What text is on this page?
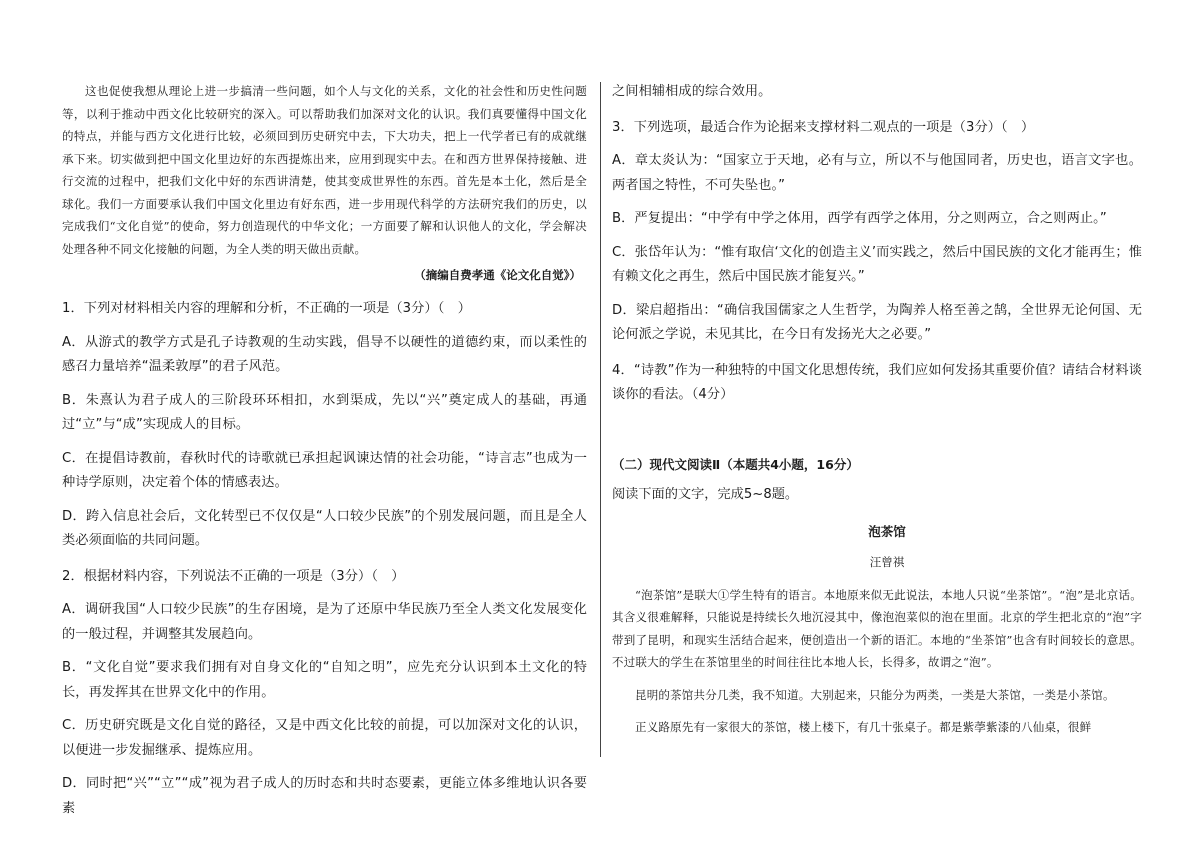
这也促使我想从理论上进一步搞清一些问题，如个人与文化的关系，文化的社会性和历史性问题等，以利于推动中西文化比较研究的深入。可以帮助我们加深对文化的认识。我们真要懂得中国文化的特点，并能与西方文化进行比较，必须回到历史研究中去，下大功夫，把上一代学者已有的成就继承下来。切实做到把中国文化里边好的东西提炼出来，应用到现实中去。在和西方世界保持接触、进行交流的过程中，把我们文化中好的东西讲清楚，使其变成世界性的东西。首先是本土化，然后是全球化。我们一方面要承认我们中国文化里边有好东西，进一步用现代科学的方法研究我们的历史，以完成我们“文化自觉”的使命，努力创造现代的中华文化；一方面要了解和认识他人的文化，学会解决处理各种不同文化接触的问题，为全人类的明天做出贡献。

（摘编自费孝通《论文化自觉》）

1．下列对材料相关内容的理解和分析，不正确的一项是（3分）（　）

A．从游式的教学方式是孔子诗教观的生动实践，倡导不以硬性的道德约束，而以柔性的感召力量培养“温柔敦厚”的君子风范。

B．朱熹认为君子成人的三阶段环环相扣，水到渠成，先以“兴”奠定成人的基础，再通过“立”与“成”实现成人的目标。

C．在提倡诗教前，春秋时代的诗歌就已承担起讽谏达情的社会功能，“诗言志”也成为一种诗学原则，决定着个体的情感表达。

D．跨入信息社会后，文化转型已不仅仅是“人口较少民族”的个别发展问题，而且是全人类必须面临的共同问题。

2．根据材料内容，下列说法不正确的一项是（3分）（　）

A．调研我国“人口较少民族”的生存困境，是为了还原中华民族乃至全人类文化发展变化的一般过程，并调整其发展趋向。

B．“文化自觉”要求我们拥有对自身文化的“自知之明”，应先充分认识到本土文化的特长，再发挥其在世界文化中的作用。

C．历史研究既是文化自觉的路径，又是中西文化比较的前提，可以加深对文化的认识，以便进一步发掘继承、提炼应用。

D．同时把“兴”“立”“成”视为君子成人的历时态和共时态要素，更能立体多维地认识各要素

之间相辅相成的综合效用。

3．下列选项，最适合作为论据来支撑材料二观点的一项是（3分）（　）

A．章太炎认为：“国家立于天地，必有与立，所以不与他国同者，历史也，语言文字也。两者国之特性，不可失坠也。”

B．严复提出：“中学有中学之体用，西学有西学之体用，分之则两立，合之则两止。”

C．张岱年认为：“惟有取信‘文化的创造主义’而实践之，然后中国民族的文化才能再生；惟有赖文化之再生，然后中国民族才能复兴。”

D．梁启超指出：“确信我国儒家之人生哲学，为陶养人格至善之鹄，全世界无论何国、无论何派之学说，未见其比，在今日有发扬光大之必要。”

4．“诗教”作为一种独特的中国文化思想传统，我们应如何发扬其重要价值？请结合材料谈谈你的看法。（4分）

（二）现代文阅读Ⅱ（本题共4小题，16分）

阅读下面的文字，完成5~8题。

泡茶馆

汪曾祺

“泡茶馆”是联大①学生特有的语言。本地原来似无此说法，本地人只说“坐茶馆”。“泡”是北京话。其含义很难解释，只能说是持续长久地沉浸其中，像泡泡菜似的泡在里面。北京的学生把北京的“泡”字带到了昆明，和现实生活结合起来，便创造出一个新的语汇。本地的“坐茶馆”也含有时间较长的意思。不过联大的学生在茶馆里坐的时间往往比本地人长，长得多，故谓之“泡”。

昆明的茶馆共分几类，我不知道。大别起来，只能分为两类，一类是大茶馆，一类是小茶馆。

正义路原先有一家很大的茶馆，楼上楼下，有几十张桌子。都是紫荸紫漆的八仙桌，很鲜
